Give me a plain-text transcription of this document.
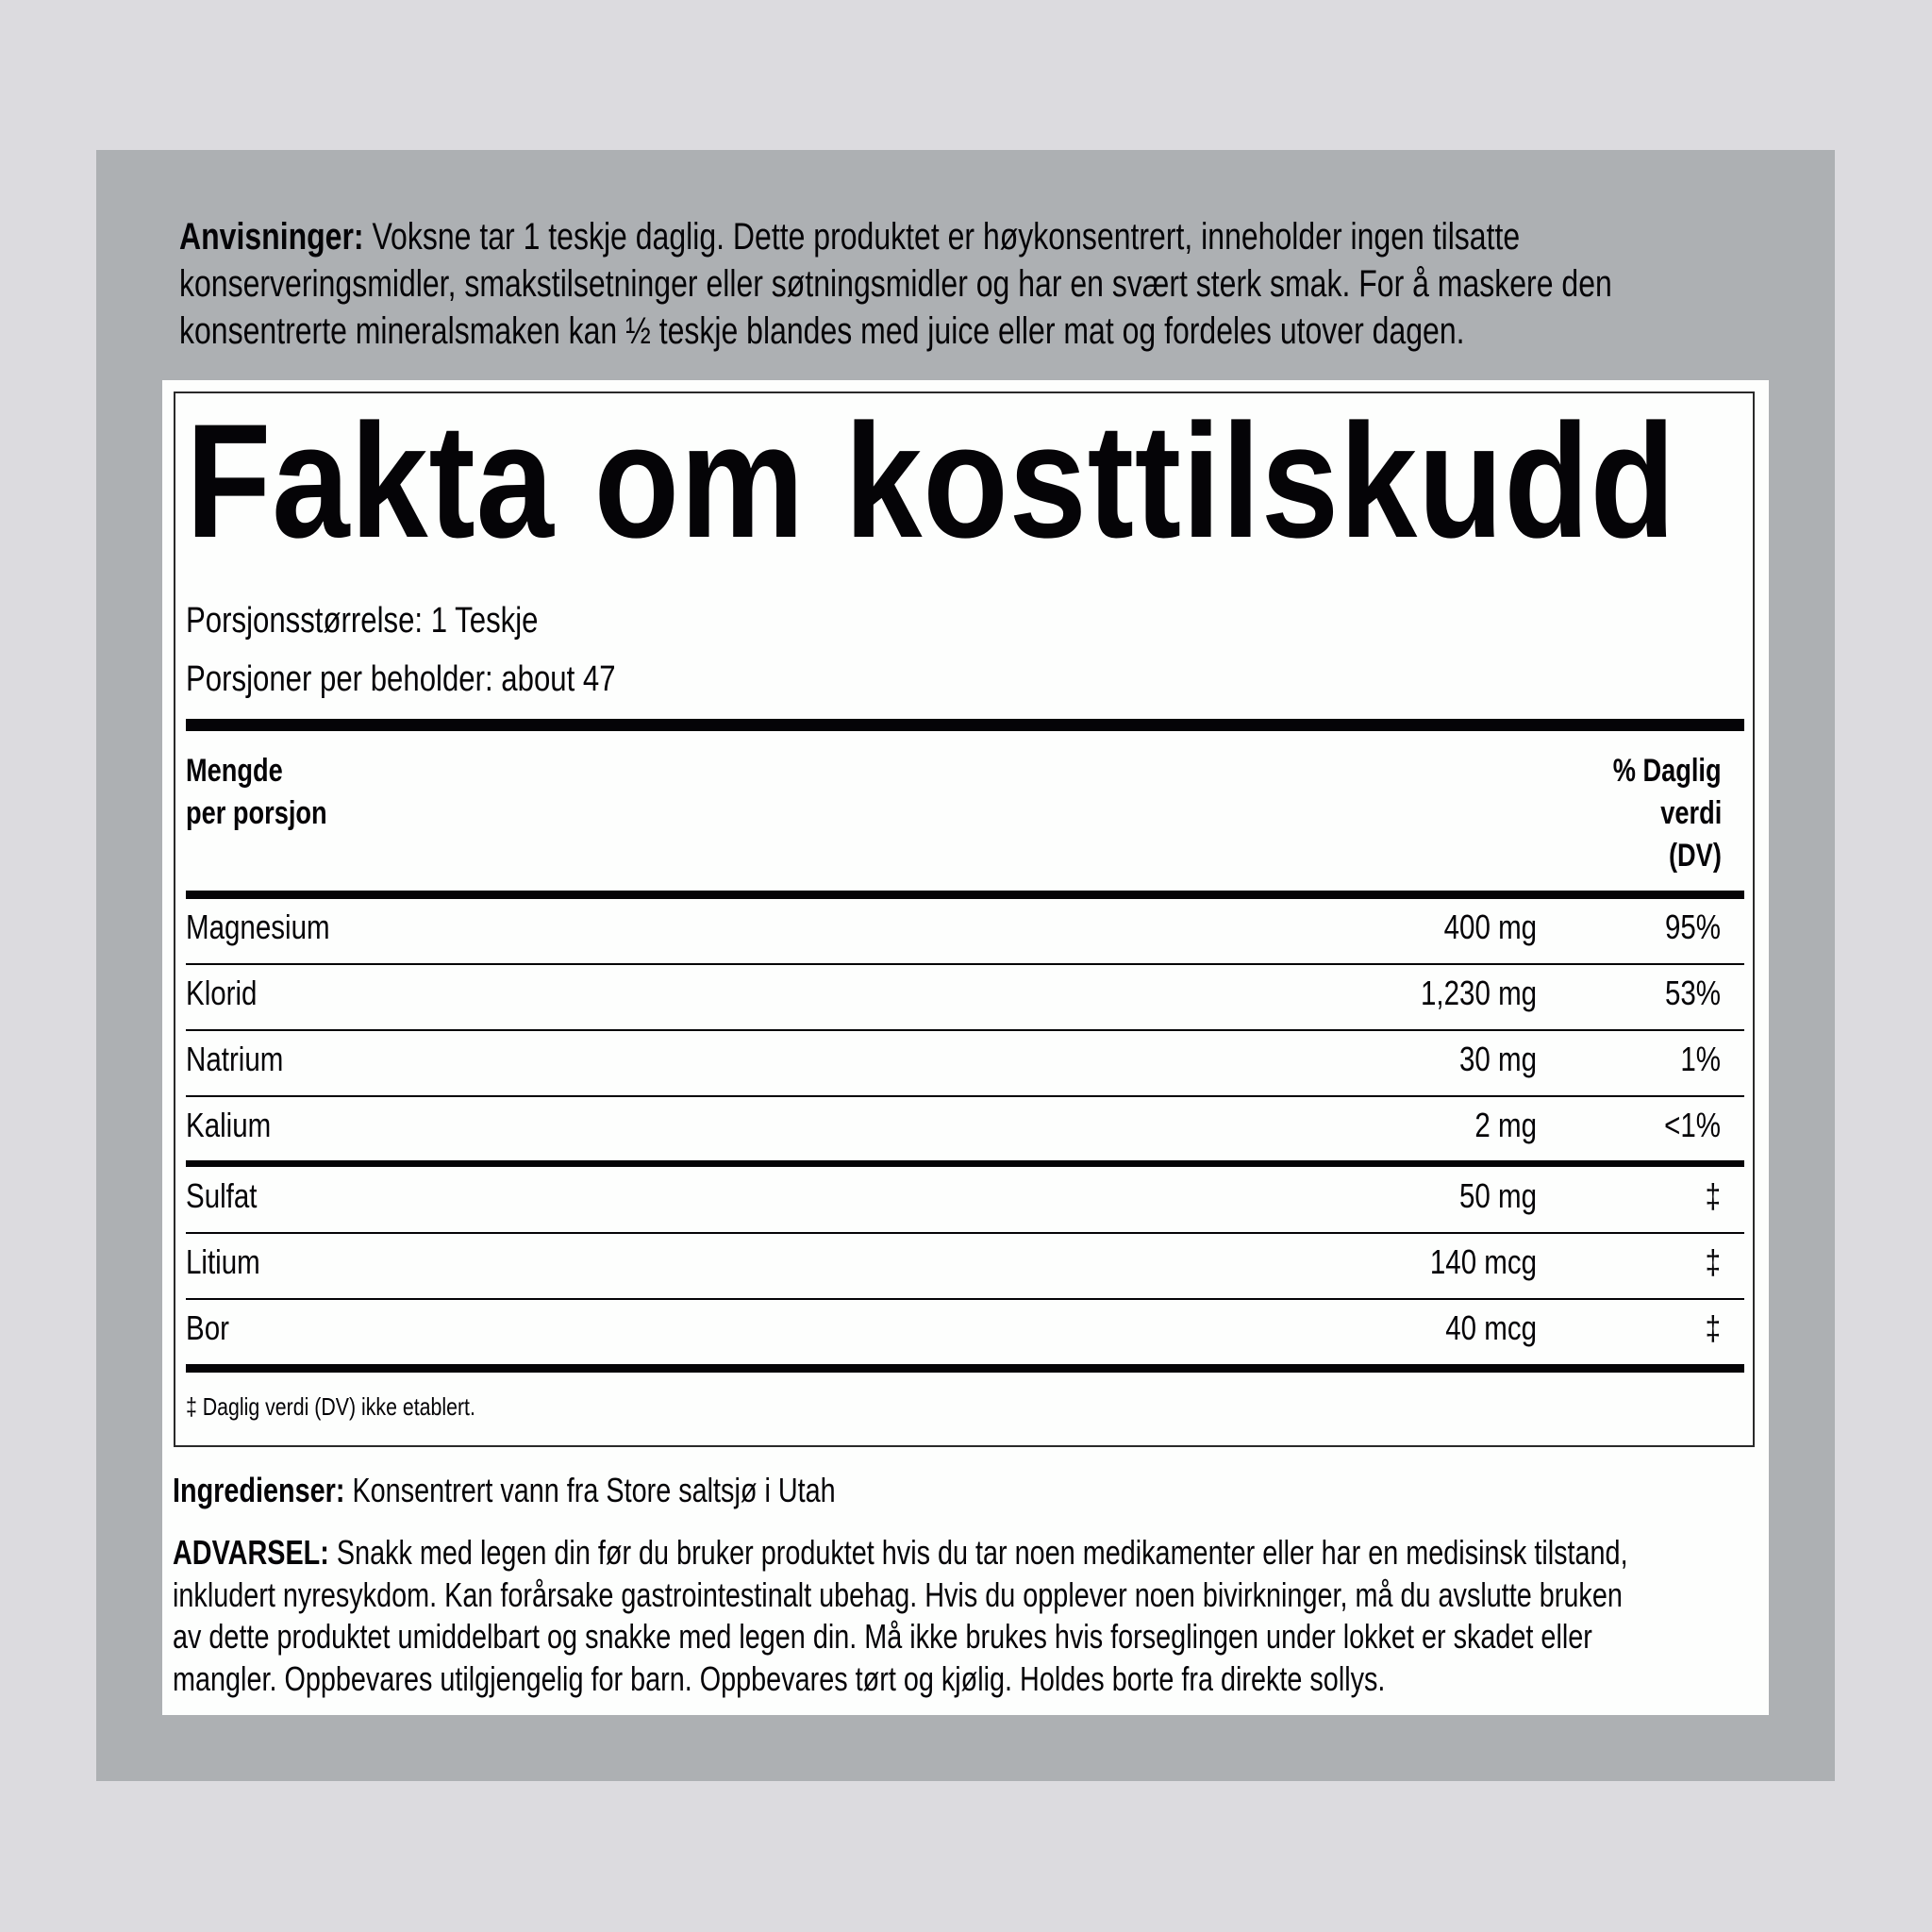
Anvisninger: Voksne tar 1 teskje daglig. Dette produktet er høykonsentrert, inneholder ingen tilsatte
konserveringsmidler, smakstilsetninger eller søtningsmidler og har en svært sterk smak. For å maskere den
konsentrerte mineralsmaken kan ½ teskje blandes med juice eller mat og fordeles utover dagen.
Fakta om kosttilskudd
Porsjonsstørrelse: 1 Teskje
Porsjoner per beholder: about 47
Mengde
per porsjon
% Daglig
verdi
(DV)
Magnesium	400 mg	95%
Klorid	1,230 mg	53%
Natrium	30 mg	1%
Kalium	2 mg	<1%
Sulfat	50 mg	‡
Litium	140 mcg	‡
Bor	40 mcg	‡
‡ Daglig verdi (DV) ikke etablert.
Ingredienser: Konsentrert vann fra Store saltsjø i Utah
ADVARSEL: Snakk med legen din før du bruker produktet hvis du tar noen medikamenter eller har en medisinsk tilstand,
inkludert nyresykdom. Kan forårsake gastrointestinalt ubehag. Hvis du opplever noen bivirkninger, må du avslutte bruken
av dette produktet umiddelbart og snakke med legen din. Må ikke brukes hvis forseglingen under lokket er skadet eller
mangler. Oppbevares utilgjengelig for barn. Oppbevares tørt og kjølig. Holdes borte fra direkte sollys.
